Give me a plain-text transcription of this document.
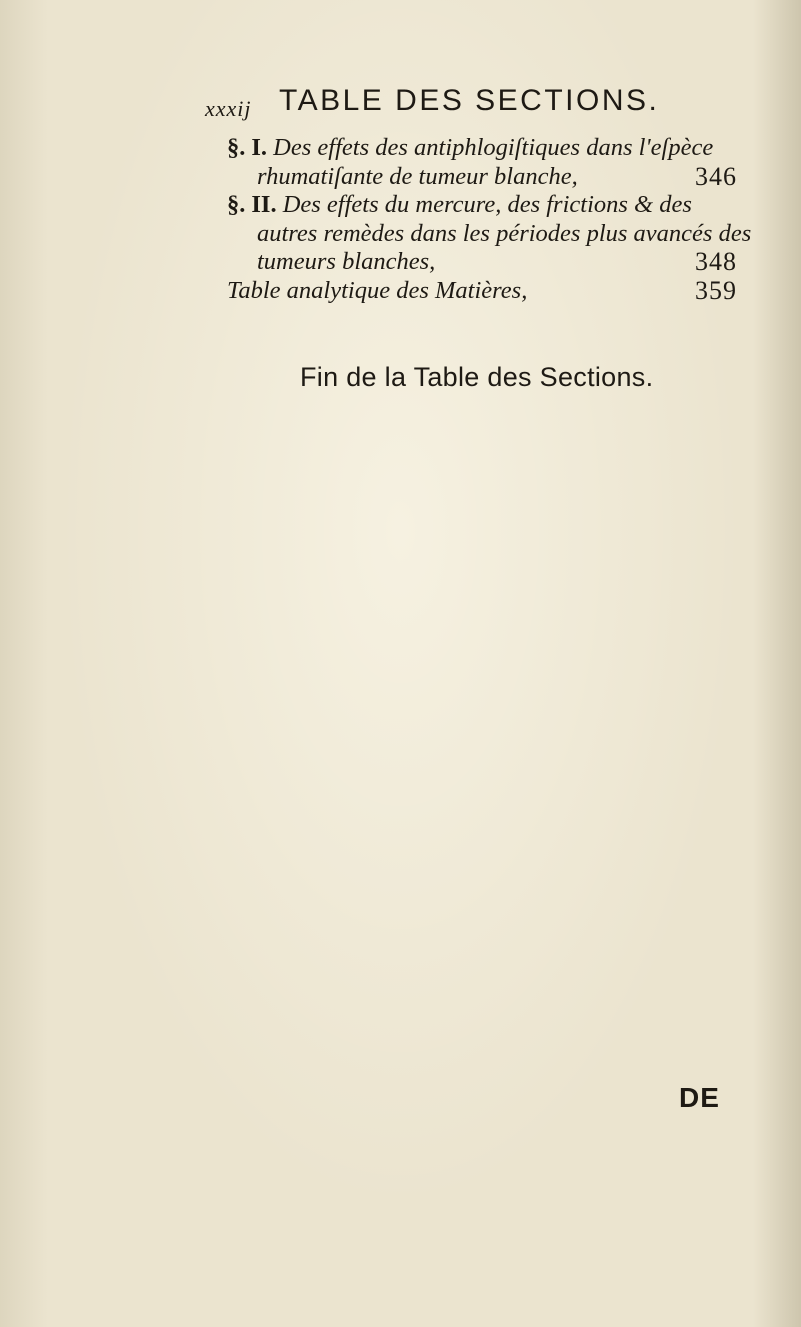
xxxij TABLE DES SECTIONS.
§. I. Des effets des antiphlogiſtiques dans l'eſpèce
rhumatiſante de tumeur blanche,	346
§. II. Des effets du mercure, des frictions & des
autres remèdes dans les périodes plus avancés des
tumeurs blanches,	348
Table analytique des Matières,	359
Fin de la Table des Sections.
DE
